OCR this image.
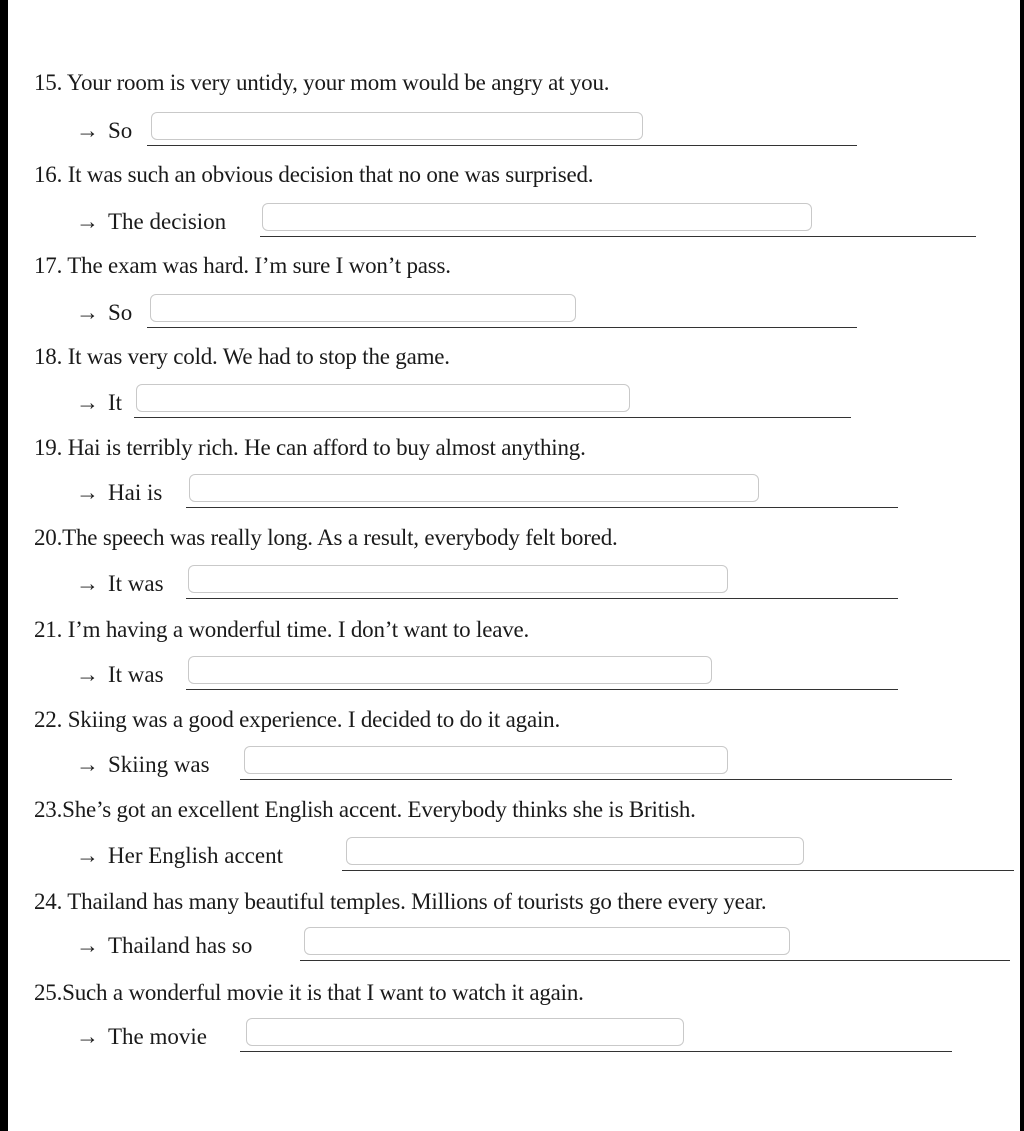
15. Your room is very untidy, your mom would be angry at you.
→ So
16. It was such an obvious decision that no one was surprised.
→ The decision
17. The exam was hard. I’m sure I won’t pass.
→ So
18. It was very cold. We had to stop the game.
→ It
19. Hai is terribly rich. He can afford to buy almost anything.
→ Hai is
20.The speech was really long. As a result, everybody felt bored.
→ It was
21. I’m having a wonderful time. I don’t want to leave.
→ It was
22. Skiing was a good experience. I decided to do it again.
→ Skiing was
23.She’s got an excellent English accent. Everybody thinks she is British.
→ Her English accent
24. Thailand has many beautiful temples. Millions of tourists go there every year.
→ Thailand has so
25.Such a wonderful movie it is that I want to watch it again.
→ The movie
